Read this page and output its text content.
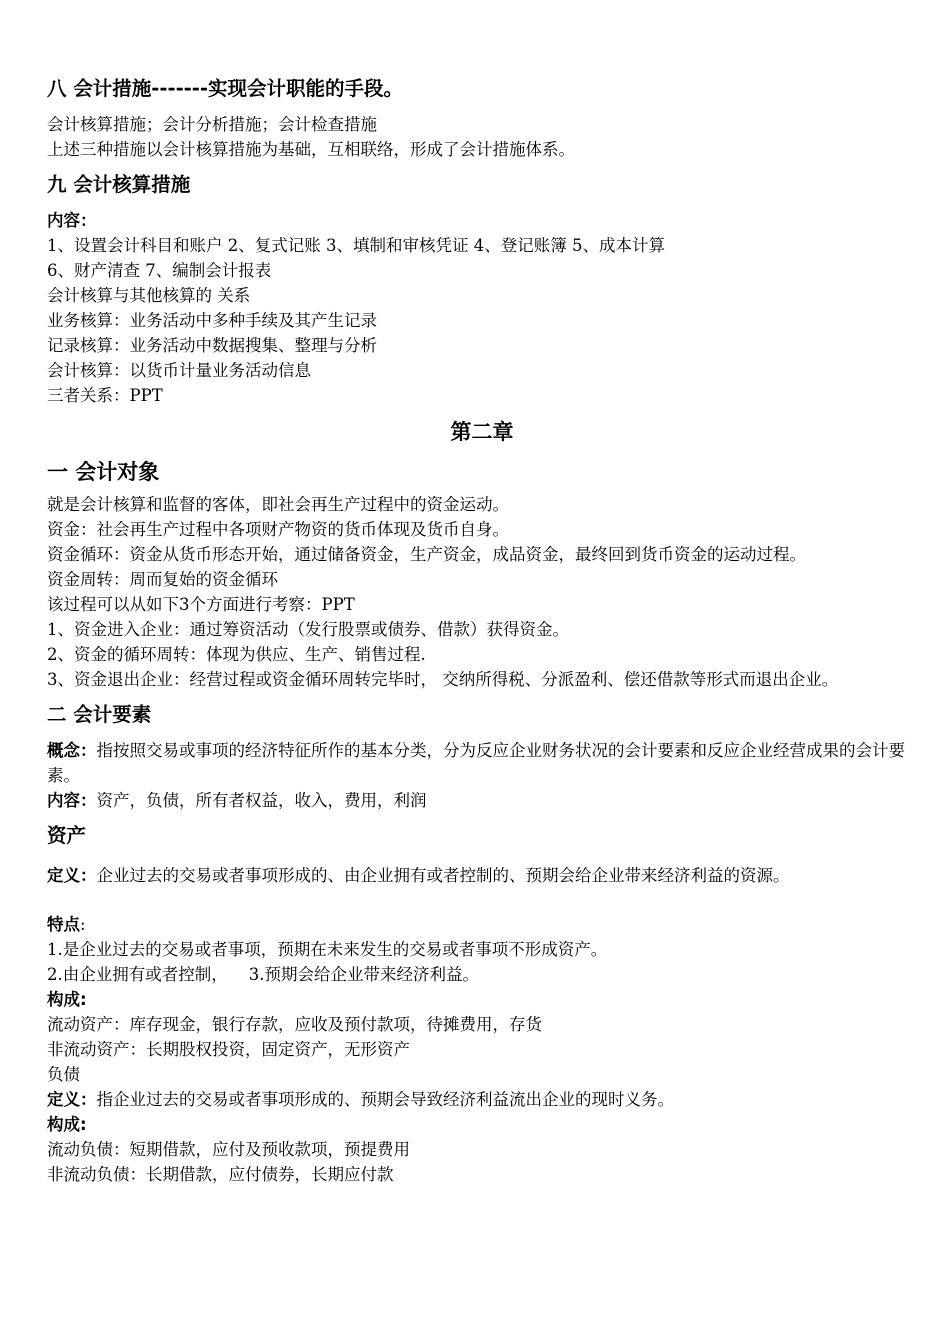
八 会计措施-------实现会计职能的手段。
会计核算措施；会计分析措施；会计检查措施
上述三种措施以会计核算措施为基础，互相联络，形成了会计措施体系。
九 会计核算措施
内容：
1、设置会计科目和账户 2、复式记账 3、填制和审核凭证 4、登记账簿 5、成本计算
6、财产清查 7、编制会计报表
会计核算与其他核算的 关系
业务核算：业务活动中多种手续及其产生记录
记录核算：业务活动中数据搜集、整理与分析
会计核算：以货币计量业务活动信息
三者关系：PPT
第二章
一 会计对象
就是会计核算和监督的客体，即社会再生产过程中的资金运动。
资金：社会再生产过程中各项财产物资的货币体现及货币自身。
资金循环：资金从货币形态开始，通过储备资金，生产资金，成品资金，最终回到货币资金的运动过程。
资金周转：周而复始的资金循环
该过程可以从如下3个方面进行考察：PPT
1、资金进入企业：通过筹资活动（发行股票或债券、借款）获得资金。
2、资金的循环周转：体现为供应、生产、销售过程.
3、资金退出企业：经营过程或资金循环周转完毕时， 交纳所得税、分派盈利、偿还借款等形式而退出企业。
二 会计要素
概念：指按照交易或事项的经济特征所作的基本分类，分为反应企业财务状况的会计要素和反应企业经营成果的会计要素。
内容：资产，负债，所有者权益，收入，费用，利润
资产
定义：企业过去的交易或者事项形成的、由企业拥有或者控制的、预期会给企业带来经济利益的资源。
特点:
1.是企业过去的交易或者事项，预期在未来发生的交易或者事项不形成资产。
2.由企业拥有或者控制，    3.预期会给企业带来经济利益。
构成:
流动资产：库存现金，银行存款，应收及预付款项，待摊费用，存货
非流动资产：长期股权投资，固定资产，无形资产
负债
定义：指企业过去的交易或者事项形成的、预期会导致经济利益流出企业的现时义务。
构成:
流动负债：短期借款，应付及预收款项，预提费用
非流动负债：长期借款，应付债券，长期应付款
